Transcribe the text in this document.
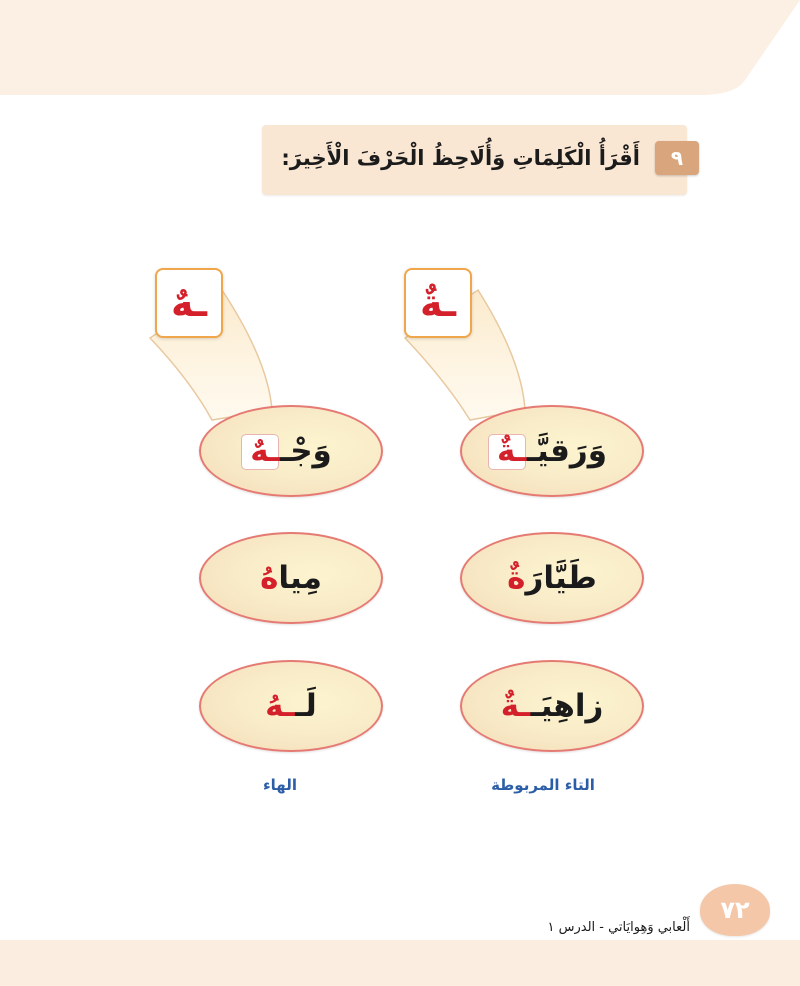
أَقْرَأُ الْكَلِمَاتِ وَأُلَاحِظُ الْحَرْفَ الْأَخِيرَ:	٩
ـةٌ
ـهٌ
وَرَقيَّـ
ـةٌ
طَيَّارَ
ةٌ
زاهِيَـ
ـةٌ
التاء المربوطة
وَجْـ
ـهٌ
مِيا
هُ
لَـ
ـهُ
الهاء
أَلْعابي وَهِوايَاتي - الدرس ١
٧٢
